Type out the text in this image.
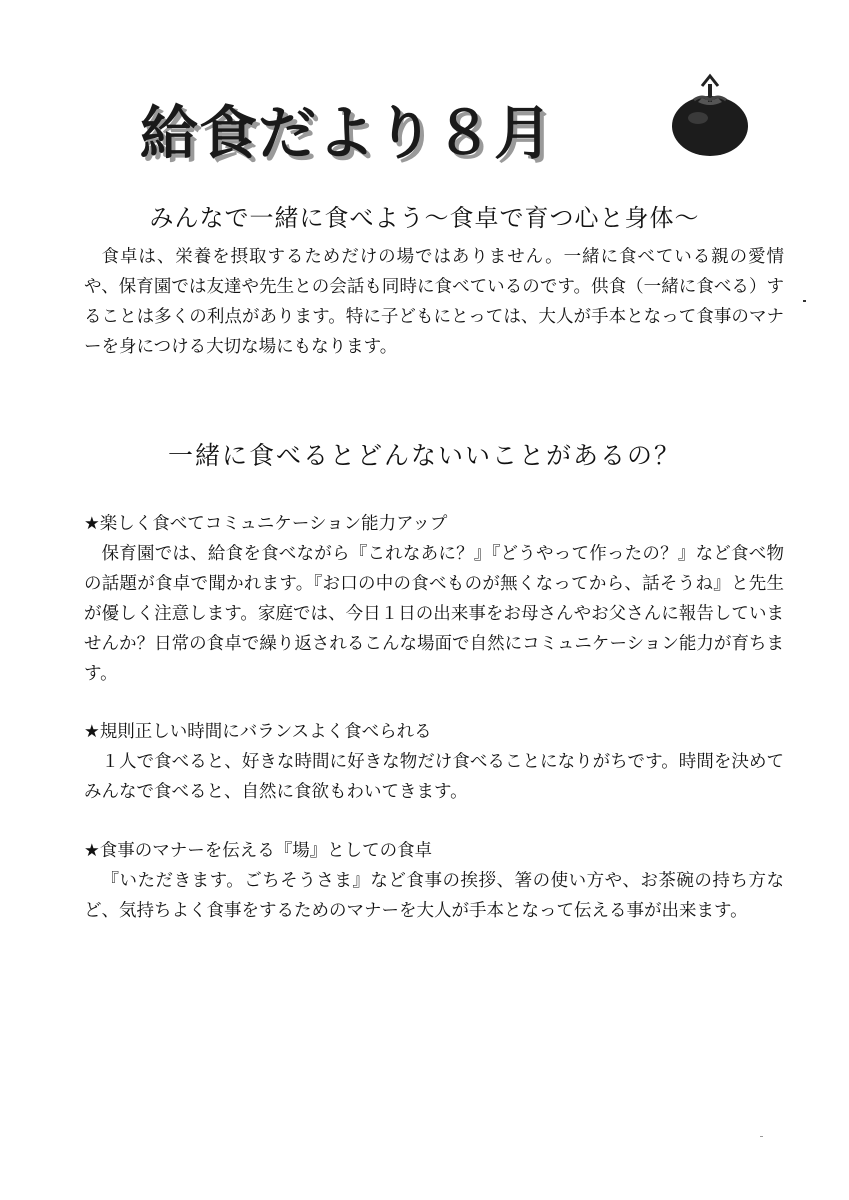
給食だより８月
みんなで一緒に食べよう～食卓で育つ心と身体～

食卓は、栄養を摂取するためだけの場ではありません。一緒に食べている親の愛情や、保育園では友達や先生との会話も同時に食べているのです。供食（一緒に食べる）することは多くの利点があります。特に子どもにとっては、大人が手本となって食事のマナーを身につける大切な場にもなります。

一緒に食べるとどんないいことがあるの？
★楽しく食べてコミュニケーション能力アップ

保育園では、給食を食べながら『これなあに？』『どうやって作ったの？』など食べ物の話題が食卓で聞かれます。『お口の中の食べものが無くなってから、話そうね』と先生が優しく注意します。家庭では、今日１日の出来事をお母さんやお父さんに報告していませんか？日常の食卓で繰り返されるこんな場面で自然にコミュニケーション能力が育ちます。

★規則正しい時間にバランスよく食べられる

１人で食べると、好きな時間に好きな物だけ食べることになりがちです。時間を決めてみんなで食べると、自然に食欲もわいてきます。

★食事のマナーを伝える『場』としての食卓

『いただきます。ごちそうさま』など食事の挨拶、箸の使い方や、お茶碗の持ち方など、気持ちよく食事をするためのマナーを大人が手本となって伝える事が出来ます。
